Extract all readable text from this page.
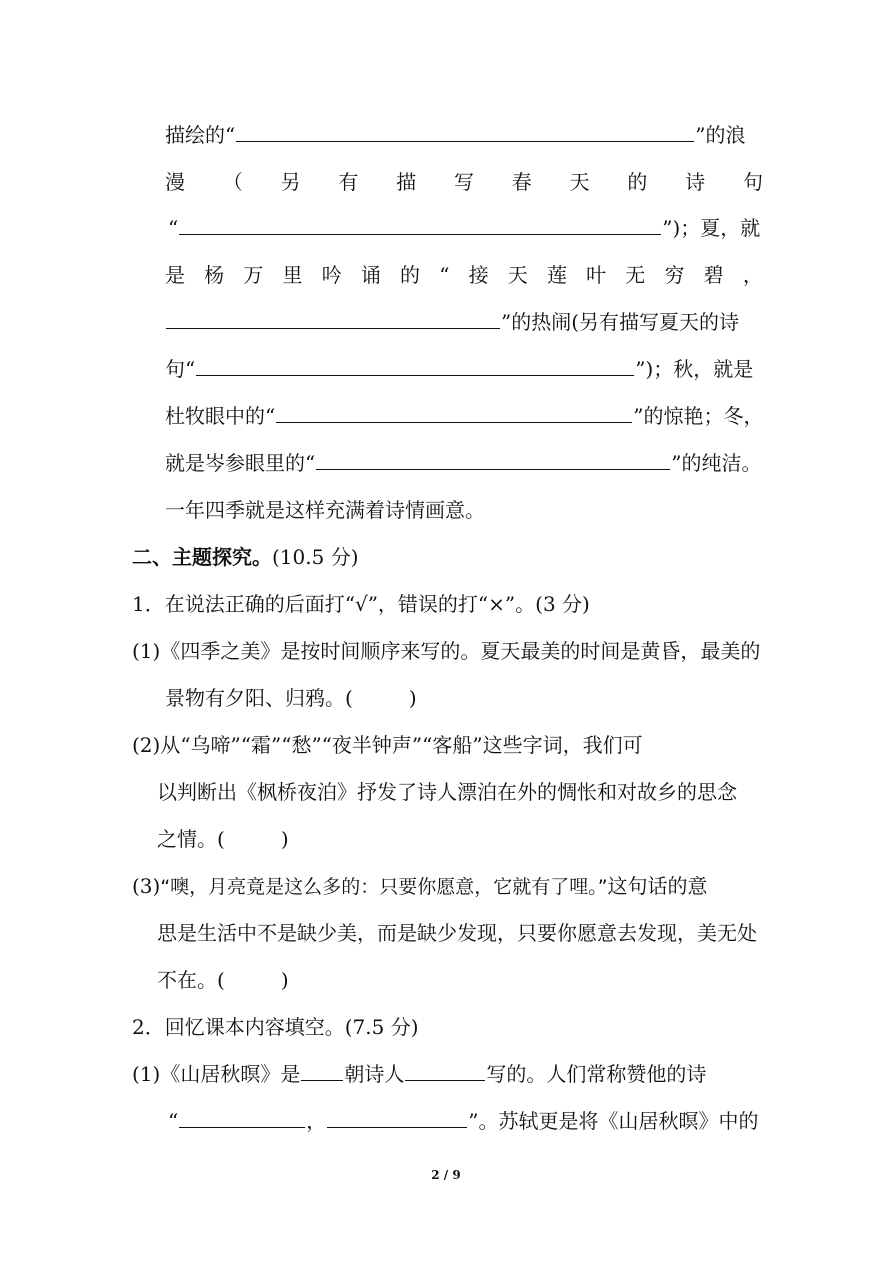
描绘的“	”的浪
漫 （ 另 有 描 写 春 天 的 诗 句
“	”)；夏，就
是 杨 万 里 吟 诵 的 “ 接 天 莲 叶 无 穷 碧 ，
”的热闹(另有描写夏天的诗
句“	”)；秋，就是
杜牧眼中的“	”的惊艳；冬，
就是岑参眼里的“	”的纯洁。
一年四季就是这样充满着诗情画意。
二、主题探究。(10.5 分)
1．在说法正确的后面打“√”，错误的打“×”。(3 分)
(1)《四季之美》是按时间顺序来写的。夏天最美的时间是黄昏，最美的
景物有夕阳、归鸦。(	)
(2)从“乌啼”“霜”“愁”“夜半钟声”“客船”这些字词，我们可
以判断出《枫桥夜泊》抒发了诗人漂泊在外的惆怅和对故乡的思念
之情。(	)
(3)“噢，月亮竟是这么多的：只要你愿意，它就有了哩。”这句话的意
思是生活中不是缺少美，而是缺少发现，只要你愿意去发现，美无处
不在。(	)
2．回忆课本内容填空。(7.5 分)
(1)《山居秋暝》是 朝诗人	写的。人们常称赞他的诗
“	，	”。苏轼更是将《山居秋暝》中的
2 / 9
